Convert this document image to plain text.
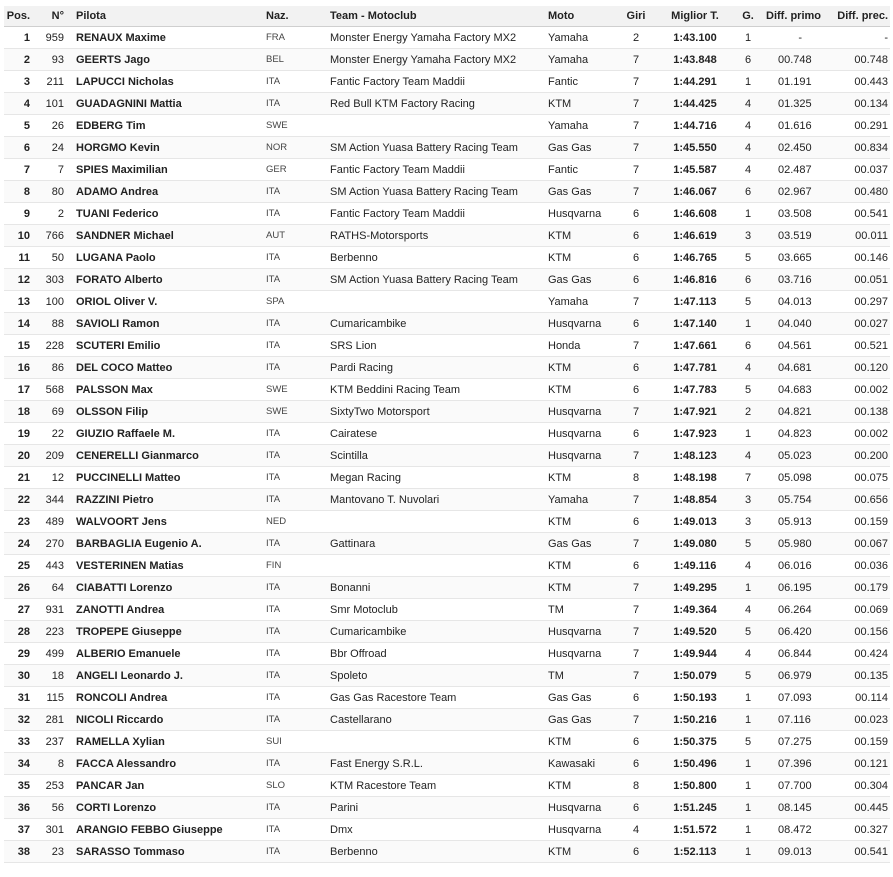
Pos.	N°	Pilota	Naz.	Team - Motoclub	Moto	Giri	Miglior T.	G.	Diff. primo	Diff. prec.
1	959	RENAUX Maxime	FRA	Monster Energy Yamaha Factory MX2	Yamaha	2	1:43.100	1	-	-
2	93	GEERTS Jago	BEL	Monster Energy Yamaha Factory MX2	Yamaha	7	1:43.848	6	00.748	00.748
3	211	LAPUCCI Nicholas	ITA	Fantic Factory Team Maddii	Fantic	7	1:44.291	1	01.191	00.443
4	101	GUADAGNINI Mattia	ITA	Red Bull KTM Factory Racing	KTM	7	1:44.425	4	01.325	00.134
5	26	EDBERG Tim	SWE		Yamaha	7	1:44.716	4	01.616	00.291
6	24	HORGMO Kevin	NOR	SM Action Yuasa Battery Racing Team	Gas Gas	7	1:45.550	4	02.450	00.834
7	7	SPIES Maximilian	GER	Fantic Factory Team Maddii	Fantic	7	1:45.587	4	02.487	00.037
8	80	ADAMO Andrea	ITA	SM Action Yuasa Battery Racing Team	Gas Gas	7	1:46.067	6	02.967	00.480
9	2	TUANI Federico	ITA	Fantic Factory Team Maddii	Husqvarna	6	1:46.608	1	03.508	00.541
10	766	SANDNER Michael	AUT	RATHS-Motorsports	KTM	6	1:46.619	3	03.519	00.011
11	50	LUGANA Paolo	ITA	Berbenno	KTM	6	1:46.765	5	03.665	00.146
12	303	FORATO Alberto	ITA	SM Action Yuasa Battery Racing Team	Gas Gas	6	1:46.816	6	03.716	00.051
13	100	ORIOL Oliver V.	SPA		Yamaha	7	1:47.113	5	04.013	00.297
14	88	SAVIOLI Ramon	ITA	Cumaricambike	Husqvarna	6	1:47.140	1	04.040	00.027
15	228	SCUTERI Emilio	ITA	SRS Lion	Honda	7	1:47.661	6	04.561	00.521
16	86	DEL COCO Matteo	ITA	Pardi Racing	KTM	6	1:47.781	4	04.681	00.120
17	568	PALSSON Max	SWE	KTM Beddini Racing Team	KTM	6	1:47.783	5	04.683	00.002
18	69	OLSSON Filip	SWE	SixtyTwo Motorsport	Husqvarna	7	1:47.921	2	04.821	00.138
19	22	GIUZIO Raffaele M.	ITA	Cairatese	Husqvarna	6	1:47.923	1	04.823	00.002
20	209	CENERELLI Gianmarco	ITA	Scintilla	Husqvarna	7	1:48.123	4	05.023	00.200
21	12	PUCCINELLI Matteo	ITA	Megan Racing	KTM	8	1:48.198	7	05.098	00.075
22	344	RAZZINI Pietro	ITA	Mantovano T. Nuvolari	Yamaha	7	1:48.854	3	05.754	00.656
23	489	WALVOORT Jens	NED		KTM	6	1:49.013	3	05.913	00.159
24	270	BARBAGLIA Eugenio A.	ITA	Gattinara	Gas Gas	7	1:49.080	5	05.980	00.067
25	443	VESTERINEN Matias	FIN		KTM	6	1:49.116	4	06.016	00.036
26	64	CIABATTI Lorenzo	ITA	Bonanni	KTM	7	1:49.295	1	06.195	00.179
27	931	ZANOTTI Andrea	ITA	Smr Motoclub	TM	7	1:49.364	4	06.264	00.069
28	223	TROPEPE Giuseppe	ITA	Cumaricambike	Husqvarna	7	1:49.520	5	06.420	00.156
29	499	ALBERIO Emanuele	ITA	Bbr Offroad	Husqvarna	7	1:49.944	4	06.844	00.424
30	18	ANGELI Leonardo J.	ITA	Spoleto	TM	7	1:50.079	5	06.979	00.135
31	115	RONCOLI Andrea	ITA	Gas Gas Racestore Team	Gas Gas	6	1:50.193	1	07.093	00.114
32	281	NICOLI Riccardo	ITA	Castellarano	Gas Gas	7	1:50.216	1	07.116	00.023
33	237	RAMELLA Xylian	SUI		KTM	6	1:50.375	5	07.275	00.159
34	8	FACCA Alessandro	ITA	Fast Energy S.R.L.	Kawasaki	6	1:50.496	1	07.396	00.121
35	253	PANCAR Jan	SLO	KTM Racestore Team	KTM	8	1:50.800	1	07.700	00.304
36	56	CORTI Lorenzo	ITA	Parini	Husqvarna	6	1:51.245	1	08.145	00.445
37	301	ARANGIO FEBBO Giuseppe	ITA	Dmx	Husqvarna	4	1:51.572	1	08.472	00.327
38	23	SARASSO Tommaso	ITA	Berbenno	KTM	6	1:52.113	1	09.013	00.541
